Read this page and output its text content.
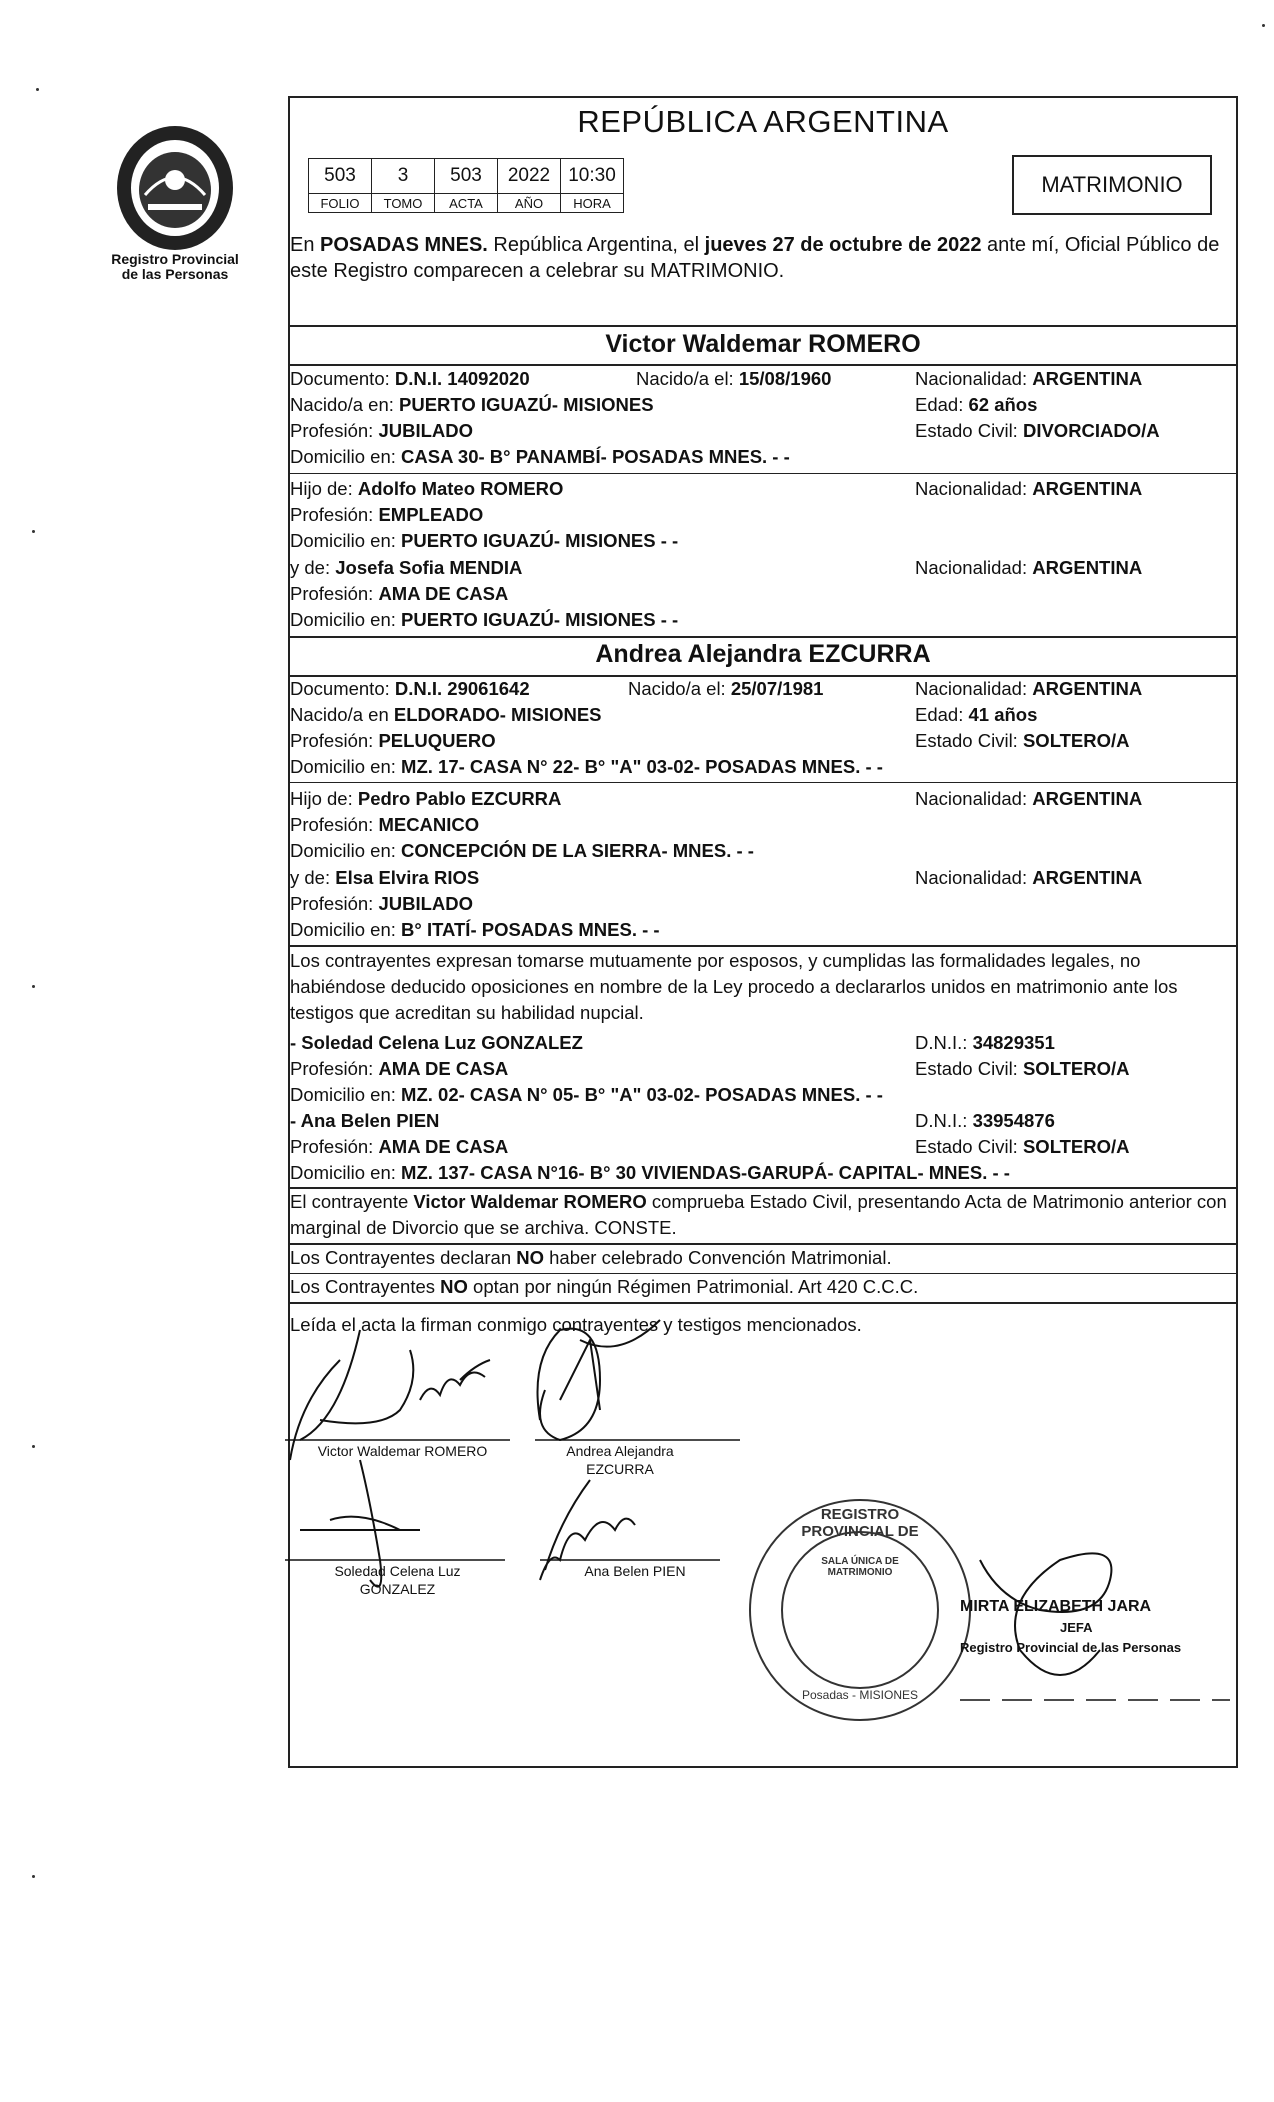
Registro Provincial
de las Personas
REPÚBLICA ARGENTINA
503	3	503	2022	10:30
FOLIO	TOMO	ACTA	AÑO	HORA
MATRIMONIO
En POSADAS MNES. República Argentina, el jueves 27 de octubre de 2022 ante mí, Oficial Público de este Registro comparecen a celebrar su MATRIMONIO.
Victor Waldemar ROMERO
Documento: D.N.I. 14092020	Nacido/a el: 15/08/1960	Nacionalidad: ARGENTINA
Nacido/a en: PUERTO IGUAZÚ- MISIONES	Edad: 62 años
Profesión: JUBILADO	Estado Civil: DIVORCIADO/A
Domicilio en: CASA 30- B° PANAMBÍ- POSADAS MNES. - -
Hijo de: Adolfo Mateo ROMERO	Nacionalidad: ARGENTINA
Profesión: EMPLEADO
Domicilio en: PUERTO IGUAZÚ- MISIONES - -
y de: Josefa Sofia MENDIA	Nacionalidad: ARGENTINA
Profesión: AMA DE CASA
Domicilio en: PUERTO IGUAZÚ- MISIONES - -
Andrea Alejandra EZCURRA
Documento: D.N.I. 29061642	Nacido/a el: 25/07/1981	Nacionalidad: ARGENTINA
Nacido/a en ELDORADO- MISIONES	Edad: 41 años
Profesión: PELUQUERO	Estado Civil: SOLTERO/A
Domicilio en: MZ. 17- CASA N° 22- B° "A" 03-02- POSADAS MNES. - -
Hijo de: Pedro Pablo EZCURRA	Nacionalidad: ARGENTINA
Profesión: MECANICO
Domicilio en: CONCEPCIÓN DE LA SIERRA- MNES. - -
y de: Elsa Elvira RIOS	Nacionalidad: ARGENTINA
Profesión: JUBILADO
Domicilio en: B° ITATÍ- POSADAS MNES. - -
Los contrayentes expresan tomarse mutuamente por esposos, y cumplidas las formalidades legales, no habiéndose deducido oposiciones en nombre de la Ley procedo a declararlos unidos en matrimonio ante los testigos que acreditan su habilidad nupcial.
- Soledad Celena Luz GONZALEZ	D.N.I.: 34829351
Profesión: AMA DE CASA	Estado Civil: SOLTERO/A
Domicilio en: MZ. 02- CASA N° 05- B° "A" 03-02- POSADAS MNES. - -
- Ana Belen PIEN	D.N.I.: 33954876
Profesión: AMA DE CASA	Estado Civil: SOLTERO/A
Domicilio en: MZ. 137- CASA N°16- B° 30 VIVIENDAS-GARUPÁ- CAPITAL- MNES. - -
El contrayente Victor Waldemar ROMERO comprueba Estado Civil, presentando Acta de Matrimonio anterior con marginal de Divorcio que se archiva. CONSTE.
Los Contrayentes declaran NO haber celebrado Convención Matrimonial.
Los Contrayentes NO optan por ningún Régimen Patrimonial. Art 420 C.C.C.
Leída el acta la firman conmigo contrayentes y testigos mencionados.
Victor Waldemar ROMERO	Andrea Alejandra
EZCURRA
Soledad Celena Luz
GONZALEZ
Ana Belen PIEN
REGISTRO PROVINCIAL DE
SALA ÚNICA DE MATRIMONIO
Posadas - MISIONES
MIRTA ELIZABETH JARA
JEFA
Registro Provincial de las Personas
